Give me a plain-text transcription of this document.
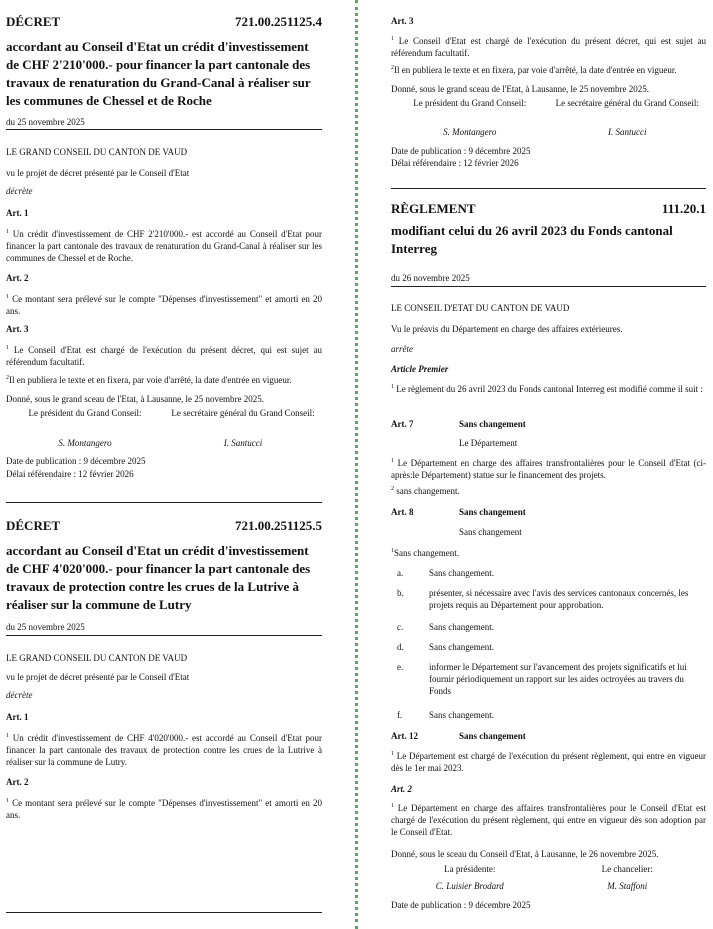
DÉCRET	721.00.251125.4
accordant au Conseil d'Etat un crédit d'investissement de CHF 2'210'000.- pour financer la part cantonale des travaux de renaturation du Grand-Canal à réaliser sur les communes de Chessel et de Roche
du 25 novembre 2025
LE GRAND CONSEIL DU CANTON DE VAUD
vu le projet de décret présenté par le Conseil d'Etat
décrète
Art. 1
$^1$ Un crédit d'investissement de CHF 2'210'000.- est accordé au Conseil d'Etat pour financer la part cantonale des travaux de renaturation du Grand-Canal à réaliser sur les communes de Chessel et de Roche.
Art. 2
$^1$ Ce montant sera prélevé sur le compte "Dépenses d'investissement" et amorti en 20 ans.
Art. 3
$^1$ Le Conseil d'Etat est chargé de l'exécution du présent décret, qui est sujet au référendum facultatif.
$^2$Il en publiera le texte et en fixera, par voie d'arrêté, la date d'entrée en vigueur.
Donné, sous le grand sceau de l'Etat, à Lausanne, le 25 novembre 2025.
Le président du Grand Conseil:	Le secrétaire général du Grand Conseil:
S. Montangero	I. Santucci
Date de publication : 9 décembre 2025
Délai référendaire : 12 février 2026
DÉCRET	721.00.251125.5
accordant au Conseil d'Etat un crédit d'investissement de CHF 4'020'000.- pour financer la part cantonale des travaux de protection contre les crues de la Lutrive à réaliser sur la commune de Lutry
du 25 novembre 2025
LE GRAND CONSEIL DU CANTON DE VAUD
vu le projet de décret présenté par le Conseil d'Etat
décrète
Art. 1
$^1$ Un crédit d'investissement de CHF 4'020'000.- est accordé au Conseil d'Etat pour financer la part cantonale des travaux de protection contre les crues de la Lutrive à réaliser sur la commune de Lutry.
Art. 2
$^1$ Ce montant sera prélevé sur le compte "Dépenses d'investissement" et amorti en 20 ans.
Art. 3
$^1$ Le Conseil d'Etat est chargé de l'exécution du présent décret, qui est sujet au référendum facultatif.
$^2$Il en publiera le texte et en fixera, par voie d'arrêté, la date d'entrée en vigueur.
Donné, sous le grand sceau de l'Etat, à Lausanne, le 25 novembre 2025.
Le président du Grand Conseil:	Le secrétaire général du Grand Conseil:
S. Montangero	I. Santucci
Date de publication : 9 décembre 2025
Délai référendaire : 12 février 2026
RÈGLEMENT	111.20.1
modifiant celui du 26 avril 2023 du Fonds cantonal Interreg
du 26 novembre 2025
LE CONSEIL D'ETAT DU CANTON DE VAUD
Vu le préavis du Département en charge des affaires extérieures.
arrête
Article Premier
$^1$ Le règlement du 26 avril 2023 du Fonds cantonal Interreg est modifié comme il suit :
Art. 7	Sans changement
Le Département
$^1$ Le Département en charge des affaires transfrontalières pour le Conseil d'Etat (ci-après:le Département) statue sur le financement des projets.
$^2$ sans changement.
Art. 8	Sans changement
Sans changement
$^1$Sans changement.
a.	Sans changement.
b.	présenter, si nécessaire avec l'avis des services cantonaux concernés, les projets requis au Département pour approbation.
c.	Sans changement.
d.	Sans changement.
e.	informer le Département sur l'avancement des projets significatifs et lui fournir périodiquement un rapport sur les aides octroyées au travers du Fonds
f.	Sans changement.
Art. 12	Sans changement
$^1$ Le Département est chargé de l'exécution du présent règlement, qui entre en vigueur dès le 1er mai 2023.
Art. 2
$^1$ Le Département en charge des affaires transfrontalières pour le Conseil d'Etat est chargé de l'exécution du présent règlement, qui entre en vigueur dès son adoption par le Conseil d'Etat.
Donné, sous le sceau du Conseil d'Etat, à Lausanne, le 26 novembre 2025.
La présidente:	Le chancelier:
C. Luisier Brodard	M. Staffoni
Date de publication : 9 décembre 2025
